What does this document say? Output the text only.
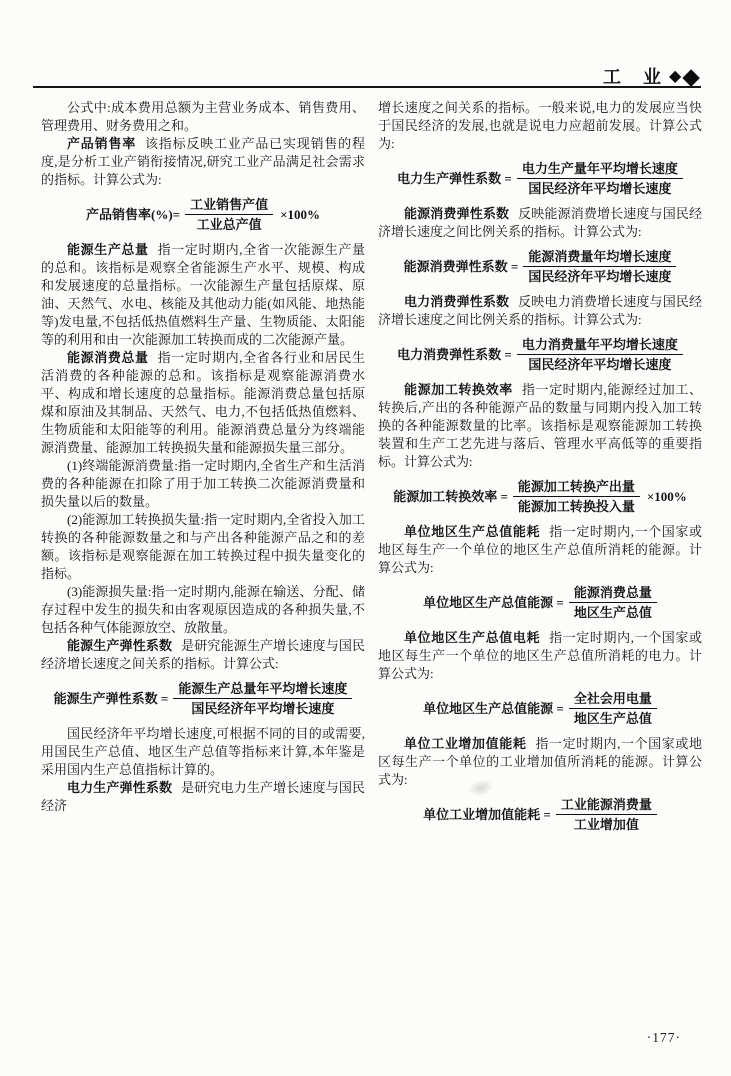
工　业 ◆ ◆

公式中:成本费用总额为主营业务成本、销售费用、管理费用、财务费用之和。

产品销售率 该指标反映工业产品已实现销售的程度,是分析工业产销衔接情况,研究工业产品满足社会需求的指标。计算公式为:

产品销售率(%)= $\frac{\text{工业销售产值}}{\text{工业总产值}} \times 100\%$

能源生产总量 指一定时期内,全省一次能源生产量的总和。该指标是观察全省能源生产水平、规模、构成和发展速度的总量指标。一次能源生产量包括原煤、原油、天然气、水电、核能及其他动力能(如风能、地热能等)发电量,不包括低热值燃料生产量、生物质能、太阳能等的利用和由一次能源加工转换而成的二次能源产量。

能源消费总量 指一定时期内,全省各行业和居民生活消费的各种能源的总和。该指标是观察能源消费水平、构成和增长速度的总量指标。能源消费总量包括原煤和原油及其制品、天然气、电力,不包括低热值燃料、生物质能和太阳能等的利用。能源消费总量分为终端能源消费量、能源加工转换损失量和能源损失量三部分。

(1)终端能源消费量:指一定时期内,全省生产和生活消费的各种能源在扣除了用于加工转换二次能源消费量和损失量以后的数量。

(2)能源加工转换损失量:指一定时期内,全省投入加工转换的各种能源数量之和与产出各种能源产品之和的差额。该指标是观察能源在加工转换过程中损失量变化的指标。

(3)能源损失量:指一定时期内,能源在输送、分配、储存过程中发生的损失和由客观原因造成的各种损失量,不包括各种气体能源放空、放散量。

能源生产弹性系数 是研究能源生产增长速度与国民经济增长速度之间关系的指标。计算公式:

能源生产弹性系数 = $\frac{\text{能源生产总量年平均增长速度}}{\text{国民经济年平均增长速度}}$

国民经济年平均增长速度,可根据不同的目的或需要,用国民生产总值、地区生产总值等指标来计算,本年鉴是采用国内生产总值指标计算的。

电力生产弹性系数 是研究电力生产增长速度与国民经济

增长速度之间关系的指标。一般来说,电力的发展应当快于国民经济的发展,也就是说电力应超前发展。计算公式为:

电力生产弹性系数 = $\frac{\text{电力生产量年平均增长速度}}{\text{国民经济年平均增长速度}}$

能源消费弹性系数 反映能源消费增长速度与国民经济增长速度之间比例关系的指标。计算公式为:

能源消费弹性系数 = $\frac{\text{能源消费量年均增长速度}}{\text{国民经济年平均增长速度}}$

电力消费弹性系数 反映电力消费增长速度与国民经济增长速度之间比例关系的指标。计算公式为:

电力消费弹性系数 = $\frac{\text{电力消费量年平均增长速度}}{\text{国民经济年平均增长速度}}$

能源加工转换效率 指一定时期内,能源经过加工、转换后,产出的各种能源产品的数量与同期内投入加工转换的各种能源数量的比率。该指标是观察能源加工转换装置和生产工艺先进与落后、管理水平高低等的重要指标。计算公式为:

能源加工转换效率 = $\frac{\text{能源加工转换产出量}}{\text{能源加工转换投入量}} \times 100\%$

单位地区生产总值能耗 指一定时期内,一个国家或地区每生产一个单位的地区生产总值所消耗的能源。计算公式为:

单位地区生产总值能源 = $\frac{\text{能源消费总量}}{\text{地区生产总值}}$

单位地区生产总值电耗 指一定时期内,一个国家或地区每生产一个单位的地区生产总值所消耗的电力。计算公式为:

单位地区生产总值能源 = $\frac{\text{全社会用电量}}{\text{地区生产总值}}$

单位工业增加值能耗 指一定时期内,一个国家或地区每生产一个单位的工业增加值所消耗的能源。计算公式为:

单位工业增加值能耗 = $\frac{\text{工业能源消费量}}{\text{工业增加值}}$
·177·
